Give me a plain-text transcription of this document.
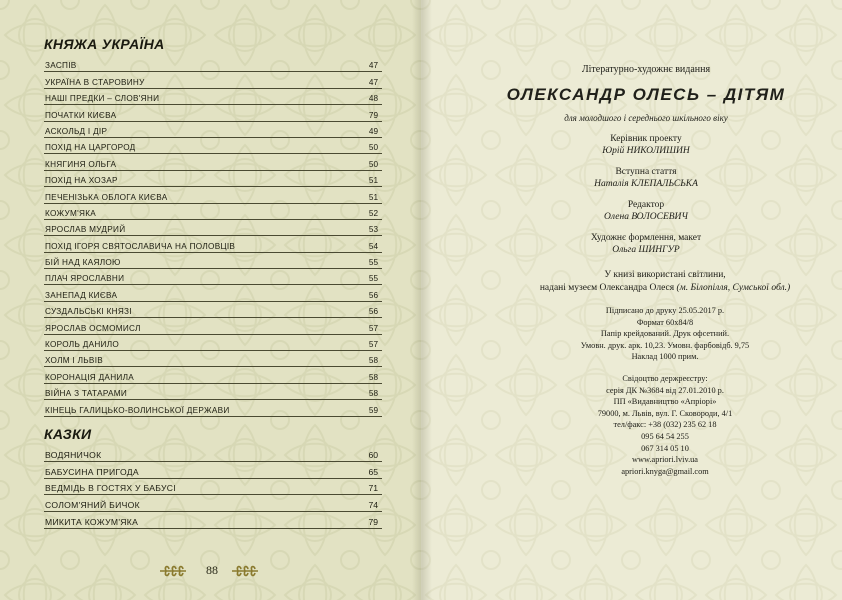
КНЯЖА УКРАЇНА
ЗАСПІВ	47
УКРАЇНА В СТАРОВИНУ	47
НАШІ ПРЕДКИ – СЛОВ'ЯНИ	48
ПОЧАТКИ КИЄВА	79
АСКОЛЬД І ДІР	49
ПОХІД НА ЦАРГОРОД	50
КНЯГИНЯ ОЛЬГА	50
ПОХІД НА ХОЗАР	51
ПЕЧЕНІЗЬКА ОБЛОГА КИЄВА	51
КОЖУМ'ЯКА	52
ЯРОСЛАВ МУДРИЙ	53
ПОХІД ІГОРЯ СВЯТОСЛАВИЧА НА ПОЛОВЦІВ	54
БІЙ НАД КАЯЛОЮ	55
ПЛАЧ ЯРОСЛАВНИ	55
ЗАНЕПАД КИЄВА	56
СУЗДАЛЬСЬКІ КНЯЗІ	56
ЯРОСЛАВ ОСМОМИСЛ	57
КОРОЛЬ ДАНИЛО	57
ХОЛМ І ЛЬВІВ	58
КОРОНАЦІЯ ДАНИЛА	58
ВІЙНА З ТАТАРАМИ	58
КІНЕЦЬ ГАЛИЦЬКО-ВОЛИНСЬКОЇ ДЕРЖАВИ	59
КАЗКИ
ВОДЯНИЧОК	60
БАБУСИНА ПРИГОДА	65
ВЕДМІДЬ В ГОСТЯХ У БАБУСІ	71
СОЛОМ'ЯНИЙ БИЧОК	74
МИКИТА КОЖУМ'ЯКА	79
88
Літературно-художнє видання
ОЛЕКСАНДР ОЛЕСЬ – ДІТЯМ
для молодшого і середнього шкільного віку
Керівник проекту
Юрій НИКОЛИШИН
Вступна стаття
Наталія КЛЕПАЛЬСЬКА
Редактор
Олена ВОЛОСЕВИЧ
Художнє формлення, макет
Ольга ШИНГУР
У книзі використані світлини,
надані музеєм Олександра Олеся (м. Білопілля, Сумської обл.)
Підписано до друку 25.05.2017 р.
Формат 60х84/8
Папір крейдований. Друк офсетний.
Умовн. друк. арк. 10,23. Умовн. фарбовідб. 9,75
Наклад 1000 прим.
Свідоцтво держреєстру:
серія ДК №3684 від 27.01.2010 р.
ПП «Видавництво «Апріорі»
79000, м. Львів, вул. Г. Сковороди, 4/1
тел/факс: +38 (032) 235 62 18
095 64 54 255
067 314 05 10
www.apriori.lviv.ua
apriori.knyga@gmail.com
